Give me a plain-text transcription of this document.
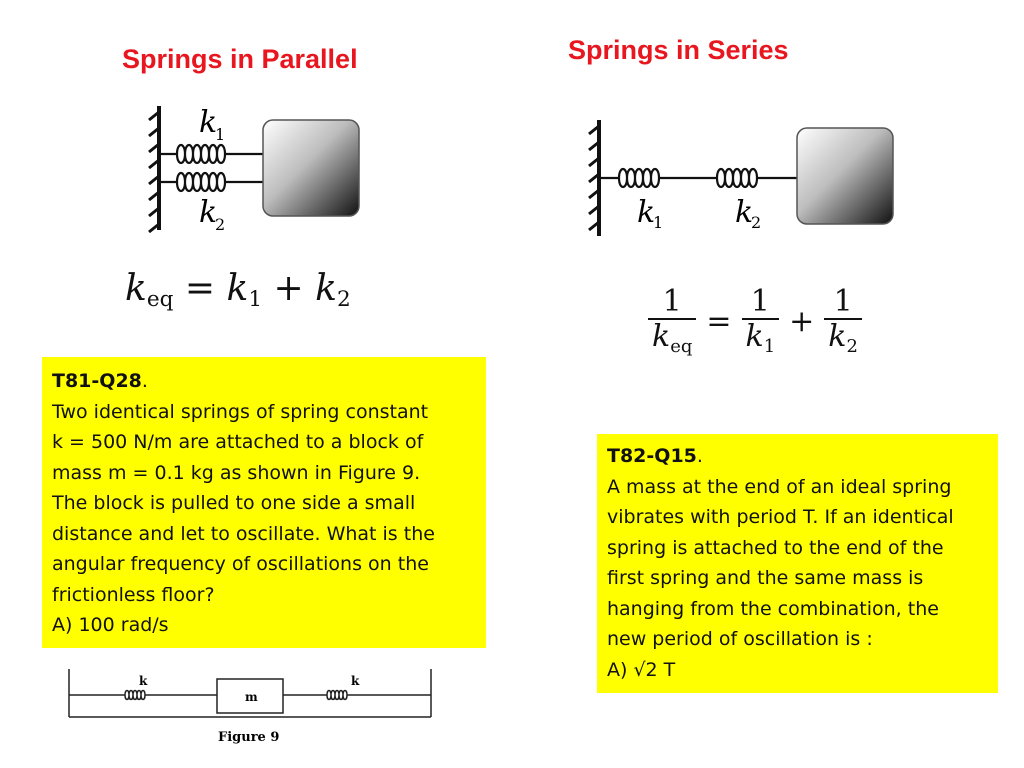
Springs in Parallel	Springs in Series
k
1
k
2	k
1 k
2
$k_{eq} = k_1 + k_2$	$\frac{1}{k_{eq}} = \frac{1}{k_1} + \frac{1}{k_2}$
T81-Q28.
Two identical springs of spring constant
k = 500 N/m are attached to a block of
mass m = 0.1 kg as shown in Figure 9.
The block is pulled to one side a small
distance and let to oscillate. What is the
angular frequency of oscillations on the
frictionless floor?
A) 100 rad/s
T82-Q15.
A mass at the end of an ideal spring
vibrates with period T. If an identical
spring is attached to the end of the
first spring and the same mass is
hanging from the combination, the
new period of oscillation is :
A) √2 T
k
m
k
Figure 9
